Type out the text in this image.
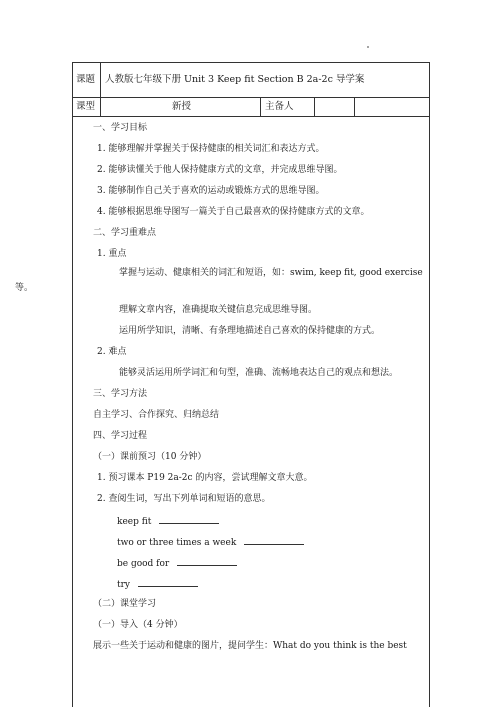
课题 人教版七年级下册 Unit 3 Keep fit Section B 2a-2c 导学案
课型	新授	主备人
一、学习目标
1. 能够理解并掌握关于保持健康的相关词汇和表达方式。
2. 能够读懂关于他人保持健康方式的文章，并完成思维导图。
3. 能够制作自己关于喜欢的运动或锻炼方式的思维导图。
4. 能够根据思维导图写一篇关于自己最喜欢的保持健康方式的文章。
二、学习重难点
1. 重点
掌握与运动、健康相关的词汇和短语，如：swim, keep fit, good exercise
等。
理解文章内容，准确提取关键信息完成思维导图。
运用所学知识，清晰、有条理地描述自己喜欢的保持健康的方式。
2. 难点
能够灵活运用所学词汇和句型，准确、流畅地表达自己的观点和想法。
三、学习方法
自主学习、合作探究、归纳总结
四、学习过程
（一）课前预习（10 分钟）
1. 预习课本 P19 2a-2c 的内容，尝试理解文章大意。
2. 查阅生词，写出下列单词和短语的意思。
keep fit
two or three times a week
be good for
try
（二）课堂学习
（一）导入（4 分钟）
展示一些关于运动和健康的图片，提问学生：What do you think is the best
